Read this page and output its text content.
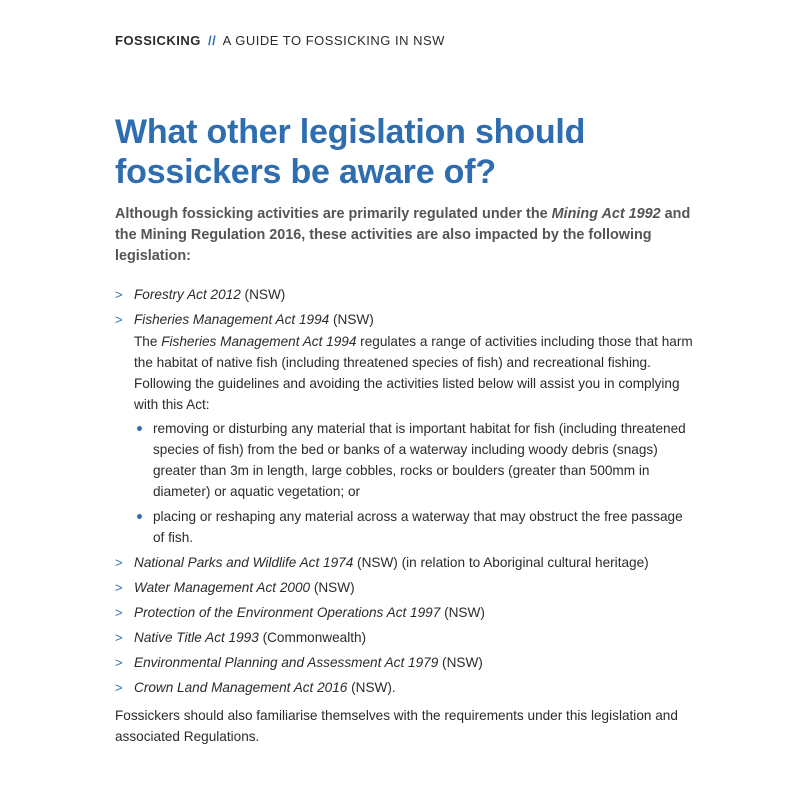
FOSSICKING // A GUIDE TO FOSSICKING IN NSW
What other legislation should fossickers be aware of?
Although fossicking activities are primarily regulated under the Mining Act 1992 and the Mining Regulation 2016, these activities are also impacted by the following legislation:
> Forestry Act 2012 (NSW)
> Fisheries Management Act 1994 (NSW)
The Fisheries Management Act 1994 regulates a range of activities including those that harm the habitat of native fish (including threatened species of fish) and recreational fishing. Following the guidelines and avoiding the activities listed below will assist you in complying with this Act:
removing or disturbing any material that is important habitat for fish (including threatened species of fish) from the bed or banks of a waterway including woody debris (snags) greater than 3m in length, large cobbles, rocks or boulders (greater than 500mm in diameter) or aquatic vegetation; or
placing or reshaping any material across a waterway that may obstruct the free passage of fish.
> National Parks and Wildlife Act 1974 (NSW) (in relation to Aboriginal cultural heritage)
> Water Management Act 2000 (NSW)
> Protection of the Environment Operations Act 1997 (NSW)
> Native Title Act 1993 (Commonwealth)
> Environmental Planning and Assessment Act 1979 (NSW)
> Crown Land Management Act 2016 (NSW).
Fossickers should also familiarise themselves with the requirements under this legislation and associated Regulations.
